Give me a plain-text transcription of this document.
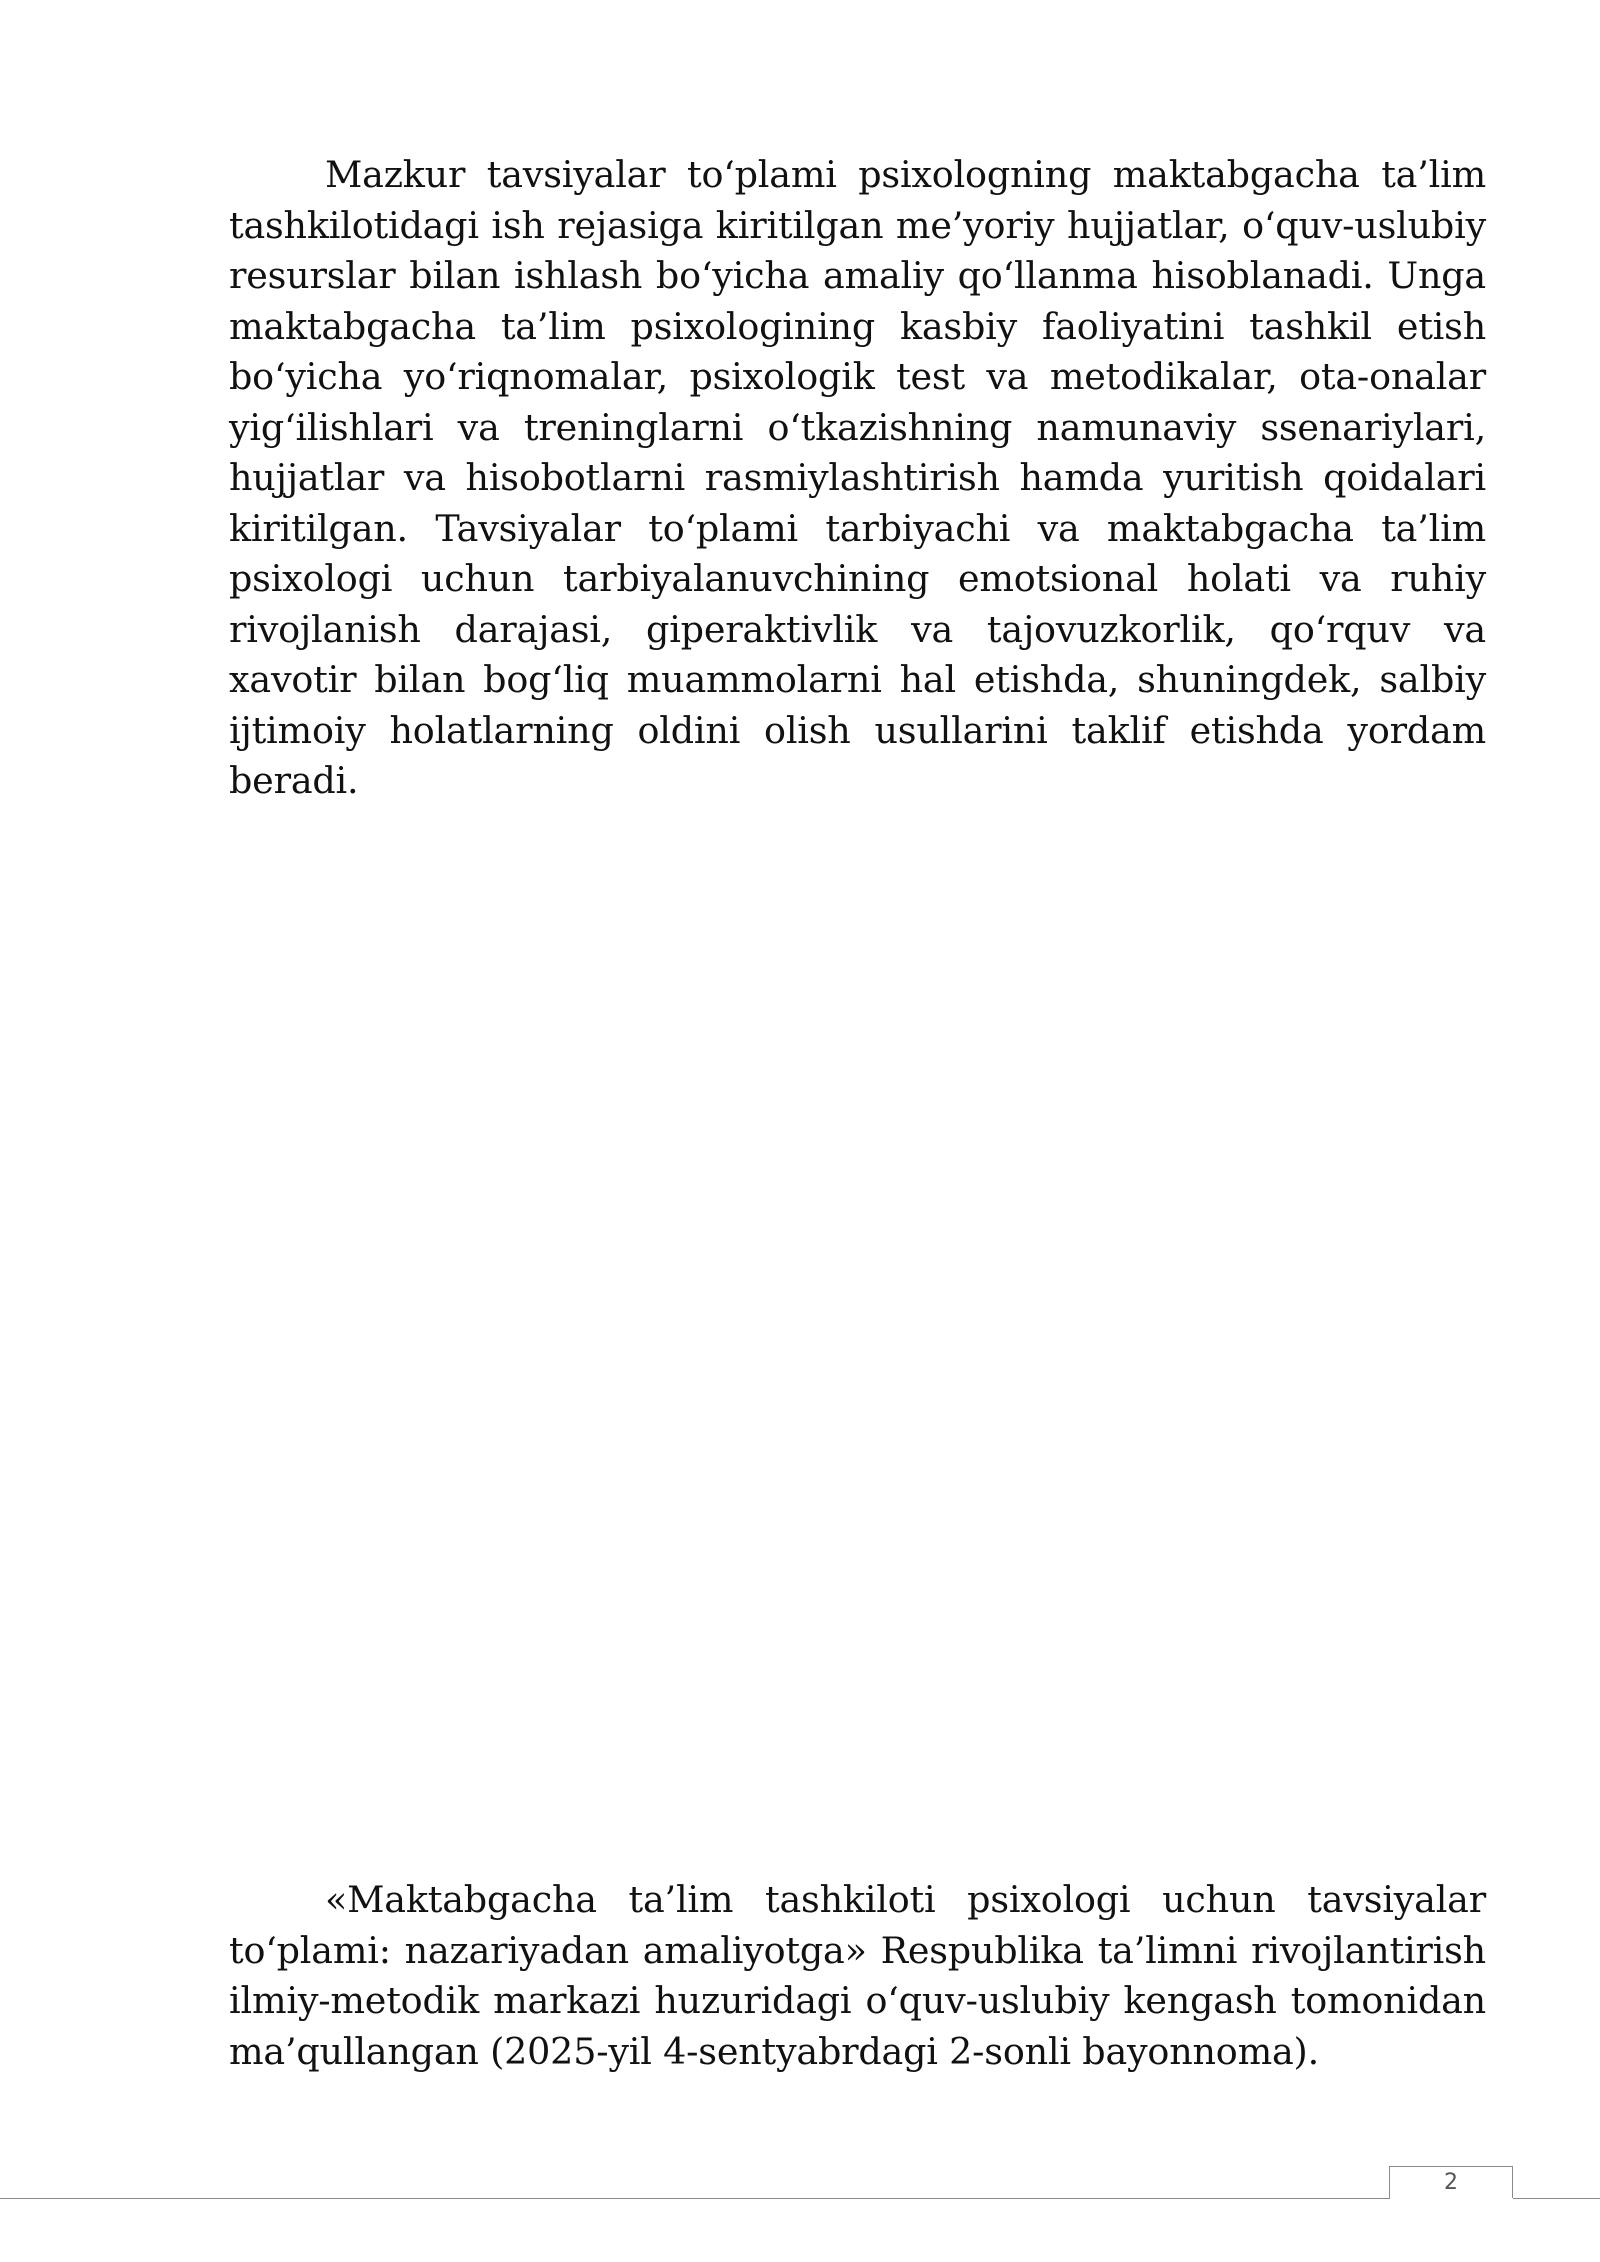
Mazkur tavsiyalar to‘plami psixologning maktabgacha ta’lim tashkilotidagi ish rejasiga kiritilgan me’yoriy hujjatlar, o‘quv-uslubiy resurslar bilan ishlash bo‘yicha amaliy qo‘llanma hisoblanadi. Unga maktabgacha ta’lim psixologining kasbiy faoliyatini tashkil etish bo‘yicha yo‘riqnomalar, psixologik test va metodikalar, ota-onalar yig‘ilishlari va treninglarni o‘tkazishning namunaviy ssenariylari, hujjatlar va hisobotlarni rasmiylashtirish hamda yuritish qoidalari kiritilgan. Tavsiyalar to‘plami tarbiyachi va maktabgacha ta’lim psixologi uchun tarbiyalanuvchining emotsional holati va ruhiy rivojlanish darajasi, giperaktivlik va tajovuzkorlik, qo‘rquv va xavotir bilan bog‘liq muammolarni hal etishda, shuningdek, salbiy ijtimoiy holatlarning oldini olish usullarini taklif etishda yordam beradi.

«Maktabgacha ta’lim tashkiloti psixologi uchun tavsiyalar to‘plami: nazariyadan amaliyotga» Respublika ta’limni rivojlantirish ilmiy-metodik markazi huzuridagi o‘quv-uslubiy kengash tomonidan ma’qullangan (2025-yil 4-sentyabrdagi 2-sonli bayonnoma).

2
